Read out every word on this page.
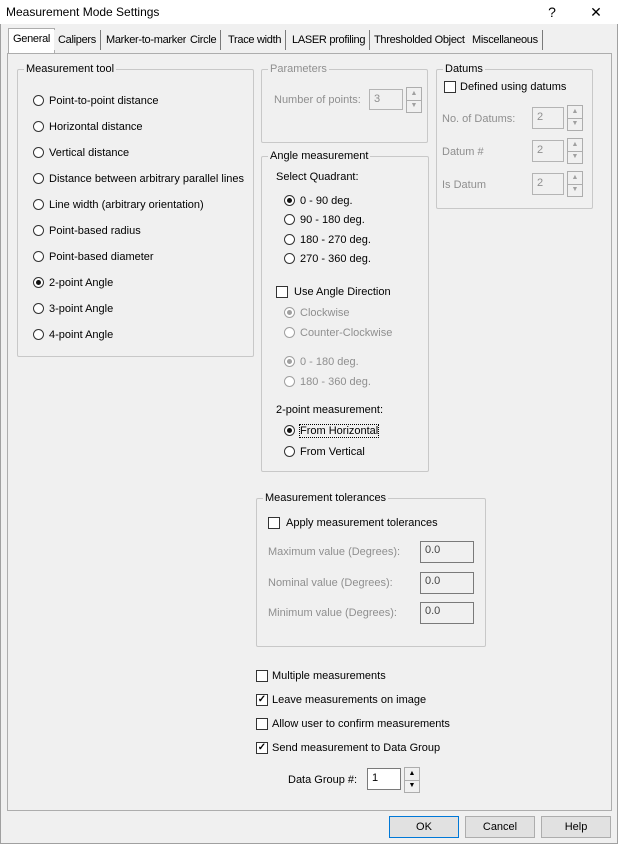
Measurement Mode Settings	?	✕
General Calipers Marker-to-marker Circle	Trace width LASER profiling Thresholded Object Miscellaneous
Measurement tool
Point-to-point distance
Horizontal distance
Vertical distance
Distance between arbitrary parallel lines
Line width (arbitrary orientation)
Point-based radius
Point-based diameter
2-point Angle
3-point Angle
4-point Angle
Parameters
Number of points:	3	▲
▼
Datums
Defined using datums
No. of Datums:	2	▲
▼
Datum #	2	▲
▼
Is Datum	2	▲
▼
Angle measurement
Select Quadrant:
0 - 90 deg.
90 - 180 deg.
180 - 270 deg.
270 - 360 deg.
Use Angle Direction
Clockwise
Counter-Clockwise
0 - 180 deg.
180 - 360 deg.
2-point measurement:
From Horizontal
From Vertical
Measurement tolerances
Apply measurement tolerances
Maximum value (Degrees):	0.0
Nominal value (Degrees):	0.0
Minimum value (Degrees):	0.0
Multiple measurements
✓ Leave measurements on image
Allow user to confirm measurements
✓ Send measurement to Data Group
Data Group #:	1	▲
▼
OK	Cancel	Help
